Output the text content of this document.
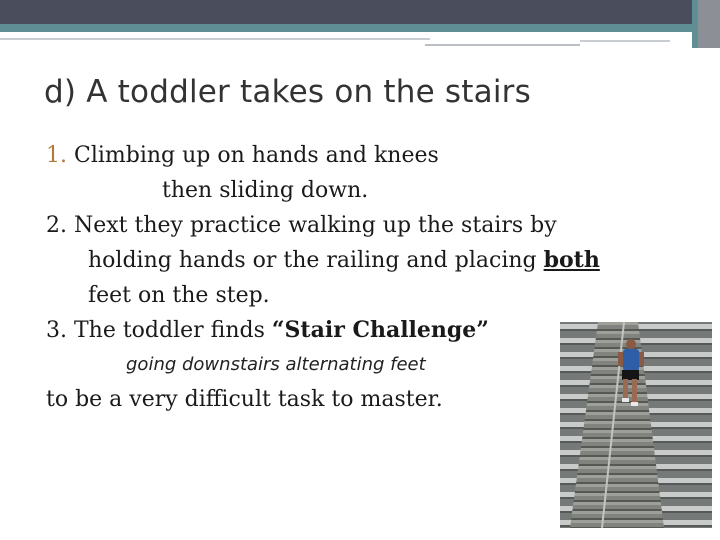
d) A toddler takes on the stairs
1. Climbing up on hands and knees
then sliding down.
2. Next they practice walking up the stairs by
holding hands or the railing and placing both
feet on the step.
3. The toddler finds “Stair Challenge”
going downstairs alternating feet
to be a very difficult task to master.
